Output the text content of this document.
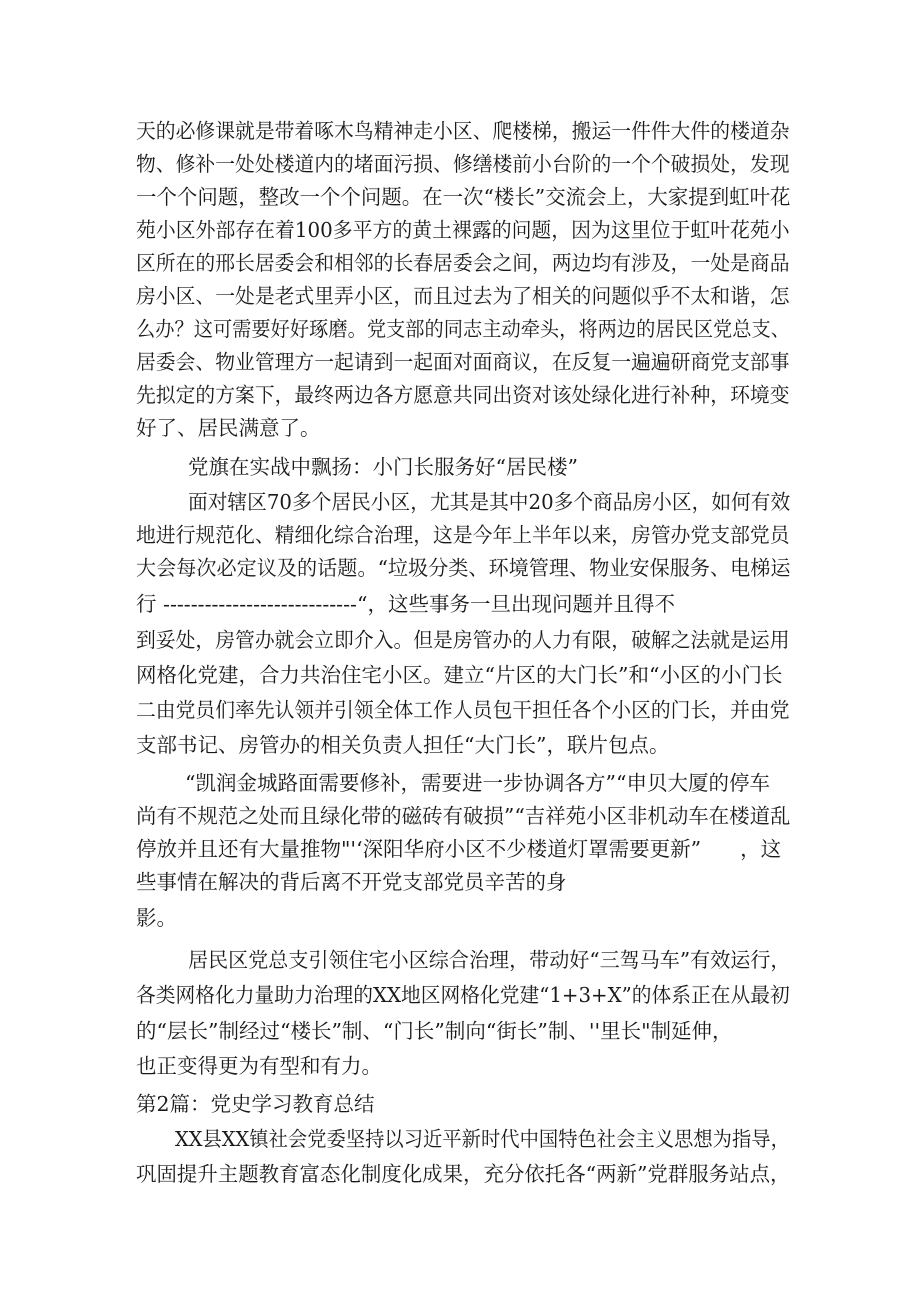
天的必修课就是带着啄木鸟精神走小区、爬楼梯，搬运一件件大件的楼道杂
物、修补一处处楼道内的堵面污损、修缮楼前小台阶的一个个破损处，发现
一个个问题，整改一个个问题。在一次“楼长”交流会上，大家提到虹叶花
苑小区外部存在着100多平方的黄土裸露的问题，因为这里位于虹叶花苑小
区所在的邢长居委会和相邻的长春居委会之间，两边均有涉及，一处是商品
房小区、一处是老式里弄小区，而且过去为了相关的问题似乎不太和谐，怎
么办？这可需要好好琢磨。党支部的同志主动牵头，将两边的居民区党总支、
居委会、物业管理方一起请到一起面对面商议，在反复一遍遍研商党支部事
先拟定的方案下，最终两边各方愿意共同出资对该处绿化进行补种，环境变
好了、居民满意了。
党旗在实战中飘扬：小门长服务好“居民楼”
面对辖区70多个居民小区，尤其是其中20多个商品房小区，如何有效
地进行规范化、精细化综合治理，这是今年上半年以来，房管办党支部党员
大会每次必定议及的话题。“垃圾分类、环境管理、物业安保服务、电梯运
行 ----------------------------“，这些事务一旦出现问题并且得不
到妥处，房管办就会立即介入。但是房管办的人力有限，破解之法就是运用
网格化党建，合力共治住宅小区。建立“片区的大门长”和“小区的小门长
二由党员们率先认领并引领全体工作人员包干担任各个小区的门长，并由党
支部书记、房管办的相关负责人担任“大门长”，联片包点。
“凯润金城路面需要修补，需要进一步协调各方”“申贝大厦的停车
尚有不规范之处而且绿化带的磁砖有破损”“吉祥苑小区非机动车在楼道乱
停放并且还有大量推物"'‘深阳华府小区不少楼道灯罩需要更新”      ，这
些事情在解决的背后离不开党支部党员辛苦的身
影。
居民区党总支引领住宅小区综合治理，带动好“三驾马车”有效运行，
各类网格化力量助力治理的XX地区网格化党建“1+3+X”的体系正在从最初
的“层长”制经过“楼长”制、“门长”制向“街长”制、''里长"制延伸，
也正变得更为有型和有力。
第2篇：党史学习教育总结
XX县XX镇社会党委坚持以习近平新时代中国特色社会主义思想为指导，
巩固提升主题教育富态化制度化成果，充分依托各“两新”党群服务站点，
